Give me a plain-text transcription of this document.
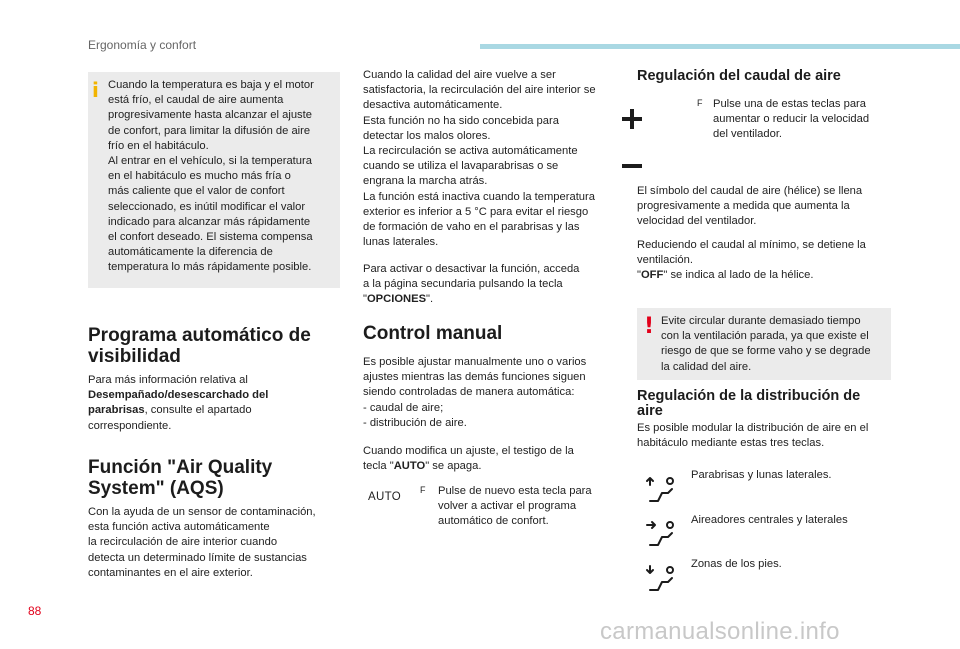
Ergonomía y confort
i Cuando la temperatura es baja y el motor

está frío, el caudal de aire aumenta

progresivamente hasta alcanzar el ajuste

de confort, para limitar la difusión de aire

frío en el habitáculo.

Al entrar en el vehículo, si la temperatura

en el habitáculo es mucho más fría o

más caliente que el valor de confort

seleccionado, es inútil modificar el valor

indicado para alcanzar más rápidamente

el confort deseado. El sistema compensa

automáticamente la diferencia de

temperatura lo más rápidamente posible.

Programa automático de

visibilidad

Para más información relativa al

Desempañado/desescarchado del

parabrisas, consulte el apartado

correspondiente.

Función "Air Quality

System" (AQS)

Con la ayuda de un sensor de contaminación,

esta función activa automáticamente

la recirculación de aire interior cuando

detecta un determinado límite de sustancias

contaminantes en el aire exterior.

Cuando la calidad del aire vuelve a ser

satisfactoria, la recirculación del aire interior se

desactiva automáticamente.

Esta función no ha sido concebida para

detectar los malos olores.

La recirculación se activa automáticamente

cuando se utiliza el lavaparabrisas o se

engrana la marcha atrás.

La función está inactiva cuando la temperatura

exterior es inferior a 5 °C para evitar el riesgo

de formación de vaho en el parabrisas y las

lunas laterales.

Para activar o desactivar la función, acceda

a la página secundaria pulsando la tecla

"OPCIONES".

Control manual

Es posible ajustar manualmente uno o varios

ajustes mientras las demás funciones siguen

siendo controladas de manera automática:

- caudal de aire;

- distribución de aire.

Cuando modifica un ajuste, el testigo de la

tecla "AUTO" se apaga.

AUTO
F Pulse de nuevo esta tecla para

volver a activar el programa

automático de confort.

Regulación del caudal de aire
F Pulse una de estas teclas para

aumentar o reducir la velocidad

del ventilador.

El símbolo del caudal de aire (hélice) se llena

progresivamente a medida que aumenta la

velocidad del ventilador.

Reduciendo el caudal al mínimo, se detiene la

ventilación.

"OFF" se indica al lado de la hélice.

! Evite circular durante demasiado tiempo

con la ventilación parada, ya que existe el

riesgo de que se forme vaho y se degrade

la calidad del aire.

Regulación de la distribución de

aire

Es posible modular la distribución de aire en el

habitáculo mediante estas tres teclas.

Parabrisas y lunas laterales.
Aireadores centrales y laterales
Zonas de los pies.
88
carmanualsonline.info
